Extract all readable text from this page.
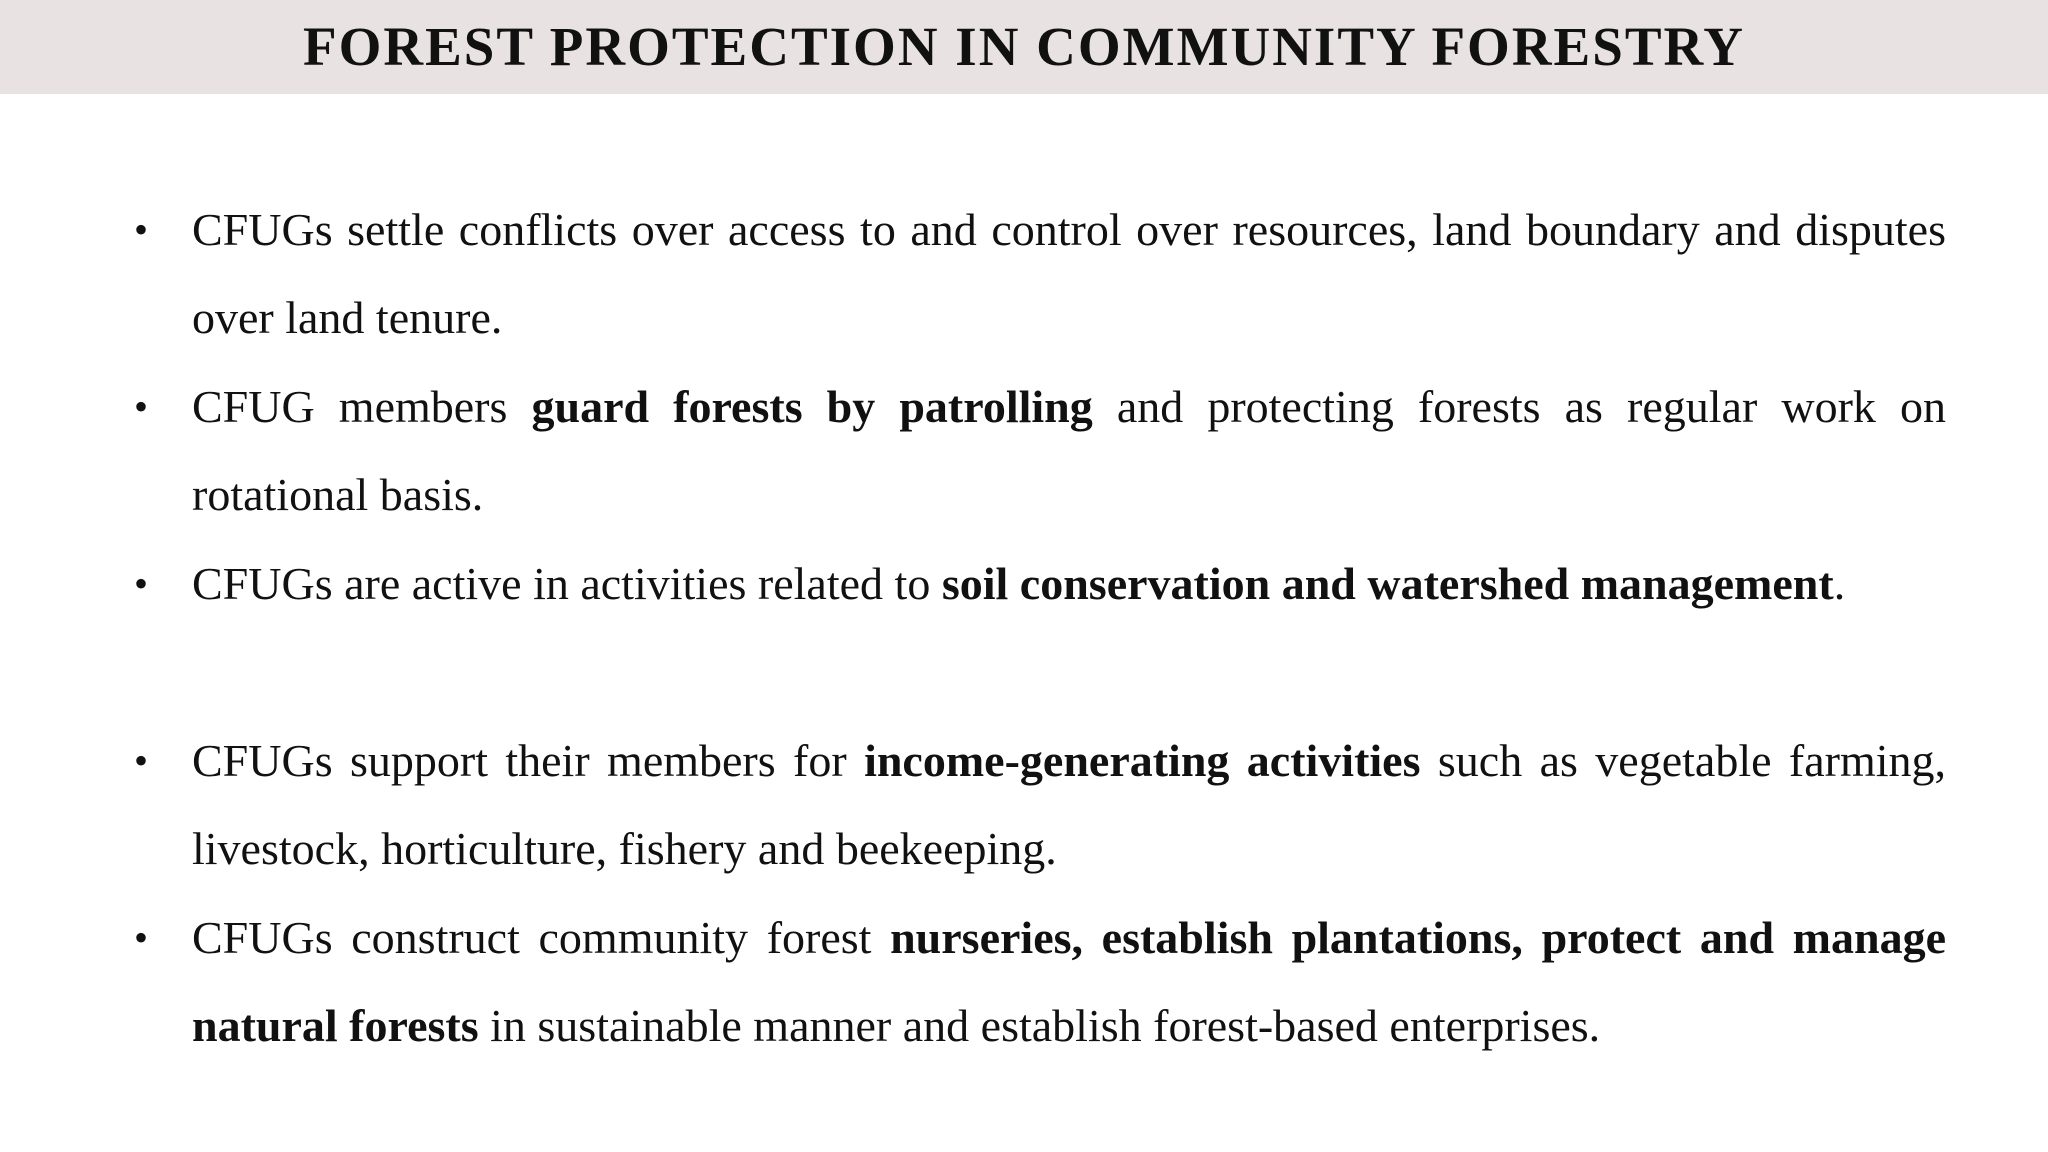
FOREST PROTECTION IN COMMUNITY FORESTRY
• CFUGs settle conflicts over access to and control over resources, land boundary and disputes over land tenure.
• CFUG members guard forests by patrolling and protecting forests as regular work on rotational basis.
• CFUGs are active in activities related to soil conservation and watershed management.
• CFUGs support their members for income-generating activities such as vegetable farming, livestock, horticulture, fishery and beekeeping.
• CFUGs construct community forest nurseries, establish plantations, protect and manage natural forests in sustainable manner and establish forest-based enterprises.
